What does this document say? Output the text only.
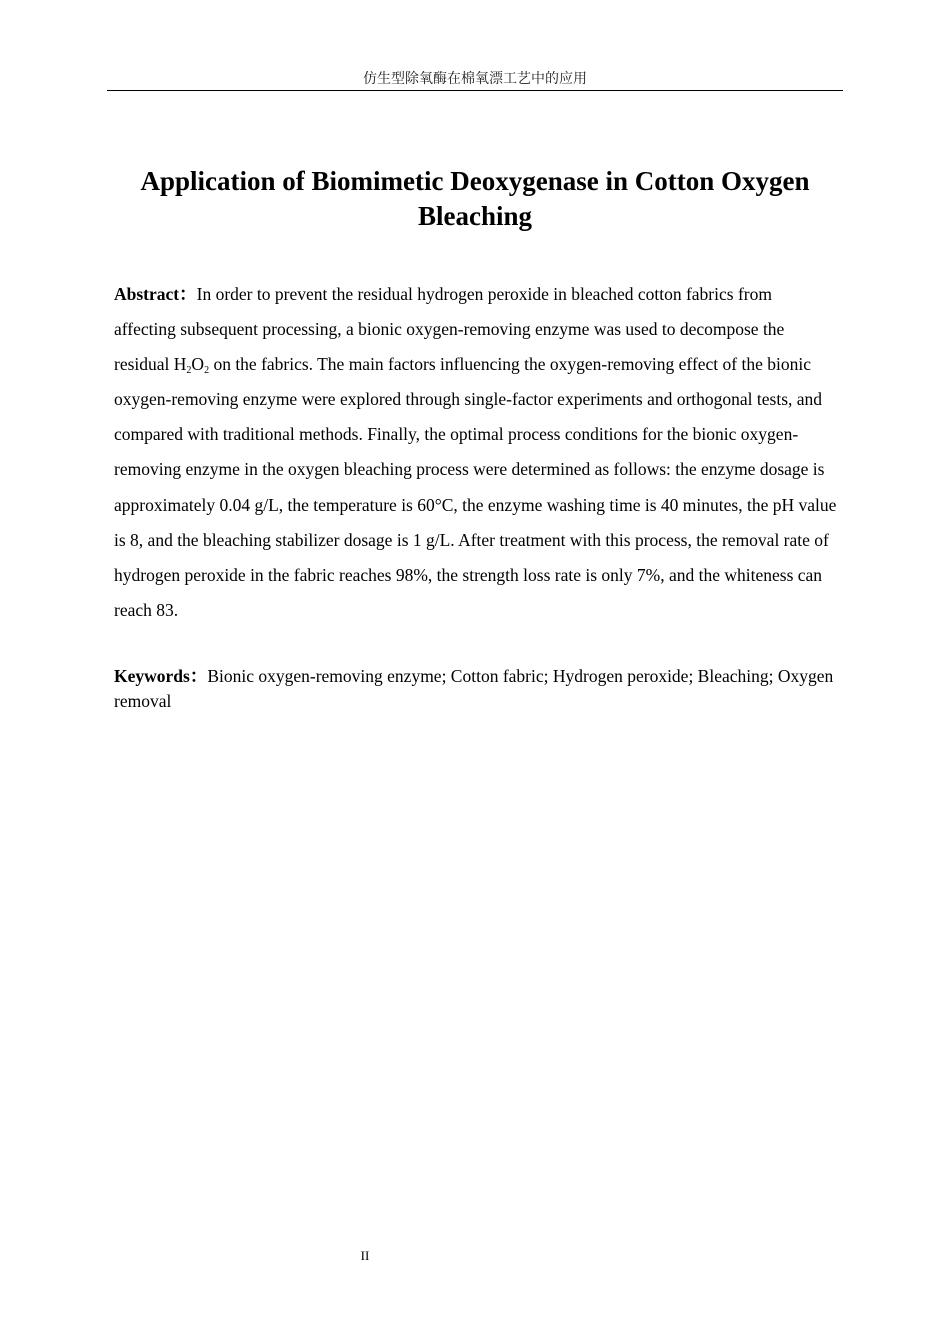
仿生型除氧酶在棉氧漂工艺中的应用
Application of Biomimetic Deoxygenase in Cotton Oxygen Bleaching

Abstract：In order to prevent the residual hydrogen peroxide in bleached cotton fabrics from affecting subsequent processing, a bionic oxygen-removing enzyme was used to decompose the residual $H_2O_2$ on the fabrics. The main factors influencing the oxygen-removing effect of the bionic oxygen-removing enzyme were explored through single-factor experiments and orthogonal tests, and compared with traditional methods. Finally, the optimal process conditions for the bionic oxygen-removing enzyme in the oxygen bleaching process were determined as follows: the enzyme dosage is approximately 0.04 g/L, the temperature is 60°C, the enzyme washing time is 40 minutes, the pH value is 8, and the bleaching stabilizer dosage is 1 g/L. After treatment with this process, the removal rate of hydrogen peroxide in the fabric reaches 98%, the strength loss rate is only 7%, and the whiteness can reach 83.

Keywords：Bionic oxygen-removing enzyme; Cotton fabric; Hydrogen peroxide; Bleaching; Oxygen removal

II
